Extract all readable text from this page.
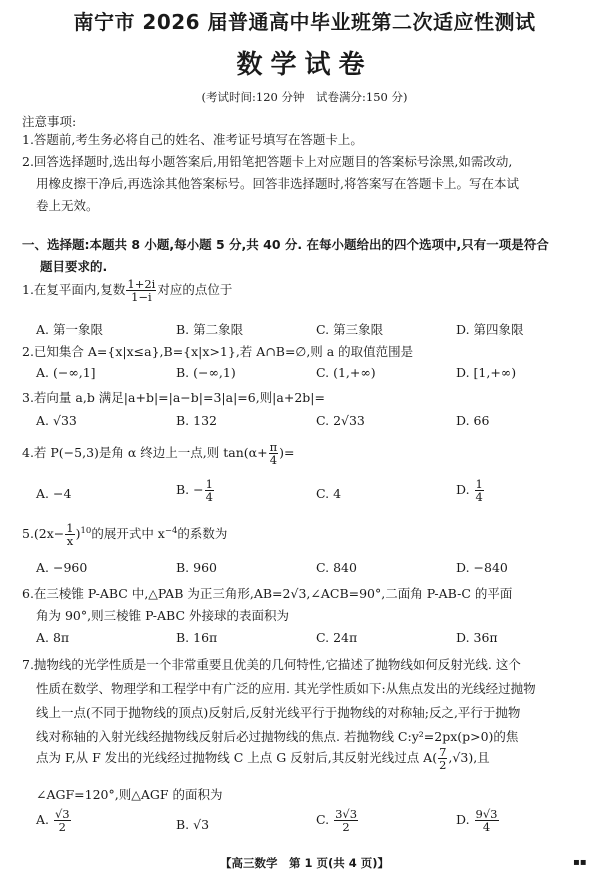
南宁市 2026 届普通高中毕业班第二次适应性测试
数学试卷
(考试时间:120 分钟　试卷满分:150 分)
注意事项:
1.答题前,考生务必将自己的姓名、准考证号填写在答题卡上。
2.回答选择题时,选出每小题答案后,用铅笔把答题卡上对应题目的答案标号涂黑,如需改动,
用橡皮擦干净后,再选涂其他答案标号。回答非选择题时,将答案写在答题卡上。写在本试
卷上无效。
一、选择题:本题共 8 小题,每小题 5 分,共 40 分. 在每小题给出的四个选项中,只有一项是符合
题目要求的.
1.在复平面内,复数 $\frac{1+2i}{1-i}$ 对应的点位于
A. 第一象限	B. 第二象限	C. 第三象限	D. 第四象限
2.已知集合 A={x|x≤a},B={x|x>1},若 A∩B=∅,则 a 的取值范围是
A. (−∞,1]	B. (−∞,1)	C. (1,+∞)	D. [1,+∞)
3.若向量 a,b 满足|a+b|=|a−b|=3|a|=6,则|a+2b|=
A. √33	B. 132	C. 2√33	D. 66
4.若 P(−5,3)是角 α 终边上一点,则 $\tan(\alpha+ \frac{\pi}{4}$ )=
A. −4	B. − $\frac{1}{4}$	C. 4	D. $\frac{1}{4}$
$5.(2x- \frac{1}{x} )^{10}$的展开式中 $x^{-4}$的系数为
A. −960	B. 960	C. 840	D. −840
6.在三棱锥 P-ABC 中,△PAB 为正三角形,AB=2√3,∠ACB=90°,二面角 P-AB-C 的平面
角为 90°,则三棱锥 P-ABC 外接球的表面积为
A. 8π	B. 16π	C. 24π	D. 36π
7.抛物线的光学性质是一个非常重要且优美的几何特性,它描述了抛物线如何反射光线. 这个
性质在数学、物理学和工程学中有广泛的应用. 其光学性质如下:从焦点发出的光线经过抛物
线上一点(不同于抛物线的顶点)反射后,反射光线平行于抛物线的对称轴;反之,平行于抛物
线对称轴的入射光线经抛物线反射后必过抛物线的焦点. 若抛物线 C:y²=2px(p>0)的焦
点为 F,从 F 发出的光线经过抛物线 C 上点 G 反射后,其反射光线过点 $A( \frac{7}{2} ,√3)$,且
∠AGF=120°,则△AGF 的面积为
A. $\frac{√3}{2}$	B. √3	C. $\frac{3√3}{2}$	D. $\frac{9√3}{4}$
【高三数学　第 1 页(共 4 页)】	▪▪
